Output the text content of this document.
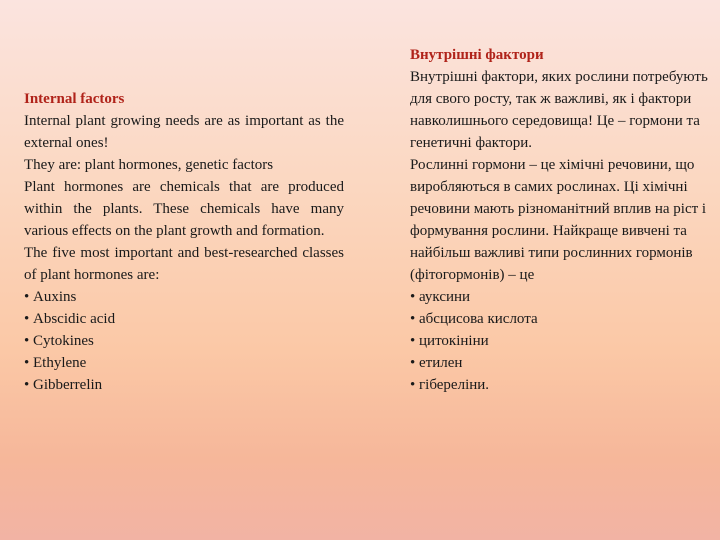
Internal factors
Internal plant growing needs are as important as the external ones!
They are: plant hormones, genetic factors
Plant hormones are chemicals that are produced within the plants. These chemicals have many various effects on the plant growth and formation.
The five most important and best-researched classes of plant hormones are:
• Auxins
• Abscidic acid
• Cytokines
• Ethylene
• Gibberrelin
Внутрішні фактори
Внутрішні фактори, яких рослини потребують для свого росту, так ж важливі, як і фактори навколишнього середовища! Це – гормони та генетичні фактори.
Рослинні гормони – це хімічні речовини, що виробляються в самих рослинах. Ці хімічні речовини мають різноманітний вплив на ріст і формування рослини. Найкраще вивчені та найбільш важливі типи рослинних гормонів (фітогормонів) – це
• ауксини
• абсцисова кислота
• цитокініни
• етилен
• гібереліни.
